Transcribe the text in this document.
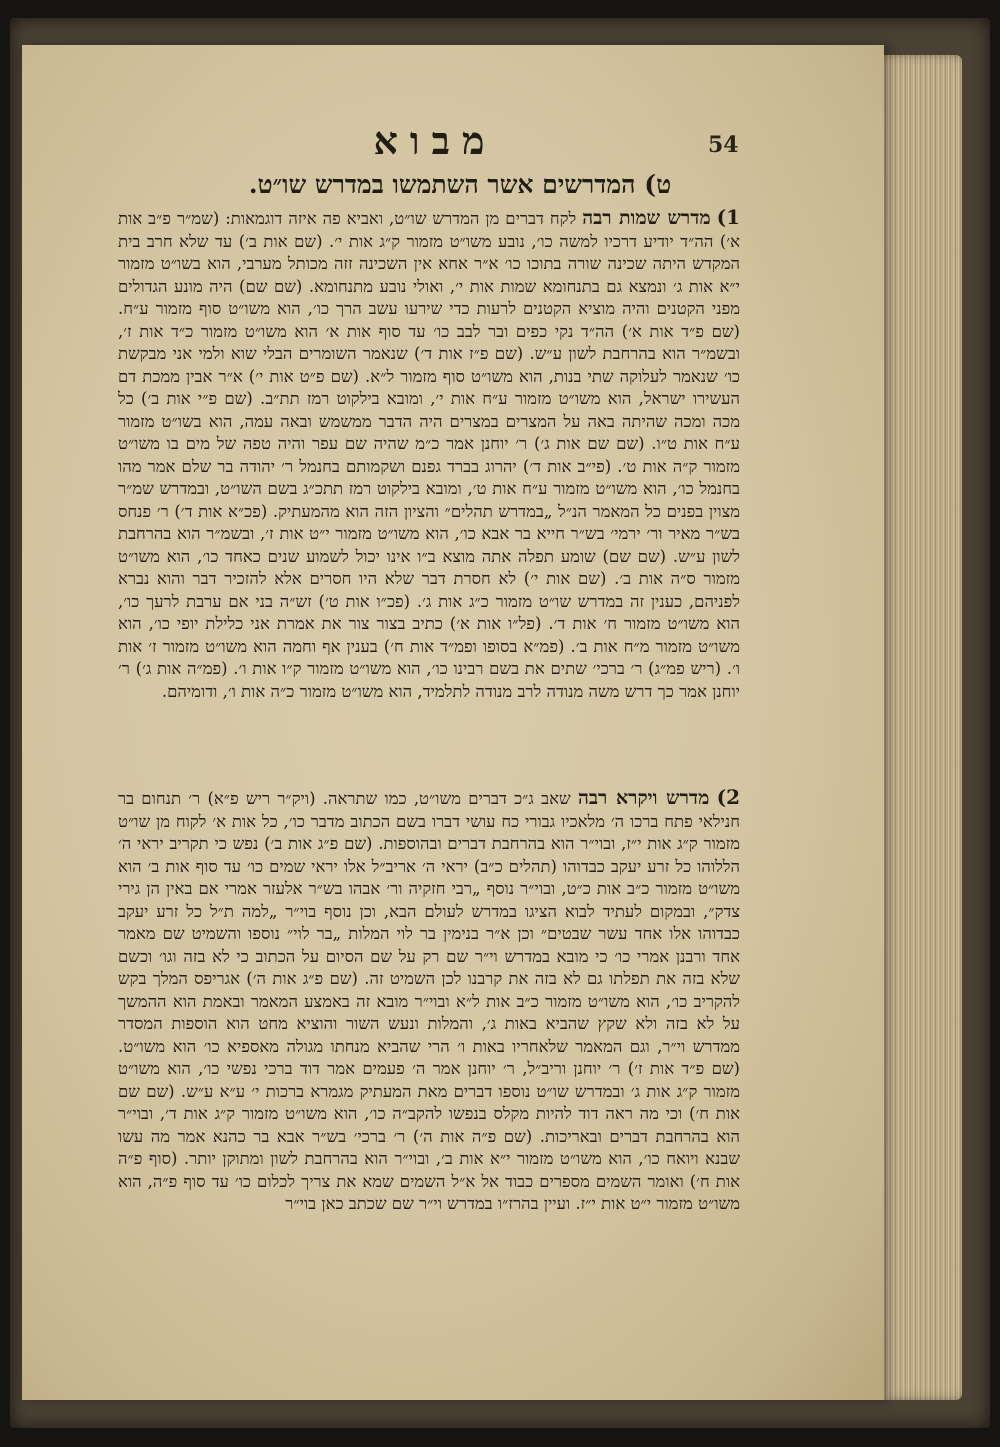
54
מבוא
ט) המדרשים אשר השתמשו במדרש שו״ט.
1) מדרש שמות רבה לקח דברים מן המדרש שו״ט, ואביא פה איזה דוגמאות: (שמ״ר פ״ב אות א׳) הה״ד יודיע דרכיו למשה כו׳, נובע משו״ט מזמור ק״ג אות י׳. (שם אות ב׳) עד שלא חרב בית המקדש היתה שכינה שורה בתוכו כו׳ א״ר אחא אין השכינה זזה מכותל מערבי, הוא בשו״ט מזמור י״א אות ג׳ ונמצא גם בתנחומא שמות אות י׳, ואולי נובע מתנחומא. (שם שם) היה מונע הגדולים מפני הקטנים והיה מוציא הקטנים לרעות כדי שירעו עשב הרך כו׳, הוא משו״ט סוף מזמור ע״ח. (שם פ״ד אות א׳) הה״ד נקי כפים ובר לבב כו׳ עד סוף אות א׳ הוא משו״ט מזמור כ״ד אות ז׳, ובשמ״ר הוא בהרחבת לשון ע״ש. (שם פ״ז אות ד׳) שנאמר השומרים הבלי שוא ולמי אני מבקשת כו׳ שנאמר לעלוקה שתי בנות, הוא משו״ט סוף מזמור ל״א. (שם פ״ט אות י׳) א״ר אבין ממכת דם העשירו ישראל, הוא משו״ט מזמור ע״ח אות י׳, ומובא בילקוט רמז תת״ב. (שם פ״י אות ב׳) כל מכה ומכה שהיתה באה על המצרים במצרים היה הדבר ממשמש ובאה עמה, הוא בשו״ט מזמור ע״ח אות ט״ו. (שם שם אות ג׳) ר׳ יוחנן אמר כ״מ שהיה שם עפר והיה טפה של מים בו משו״ט מזמור ק״ה אות ט׳. (פי״ב אות ד׳) יהרוג בברד גפנם ושקמותם בחנמל ר׳ יהודה בר שלם אמר מהו בחנמל כו׳, הוא משו״ט מזמור ע״ח אות ט׳, ומובא בילקוט רמז תתכ״ג בשם השו״ט, ובמדרש שמ״ר מצוין בפנים כל המאמר הנ״ל „במדרש תהלים״ והציון הזה הוא מהמעתיק. (פכ״א אות ד׳) ר׳ פנחס בש״ר מאיר ור׳ ירמי׳ בש״ר חייא בר אבא כו׳, הוא משו״ט מזמור י״ט אות ז׳, ובשמ״ר הוא בהרחבת לשון ע״ש. (שם שם) שומע תפלה אתה מוצא ב״ו אינו יכול לשמוע שנים כאחד כו׳, הוא משו״ט מזמור ס״ה אות ב׳. (שם אות י׳) לא חסרת דבר שלא היו חסרים אלא להזכיר דבר והוא נברא לפניהם, כענין זה במדרש שו״ט מזמור כ״ג אות ג׳. (פכ״ו אות ט׳) זש״ה בני אם ערבת לרעך כו׳, הוא משו״ט מזמור ח׳ אות ד׳. (פל״ו אות א׳) כתיב בצור צור את אמרת אני כלילת יופי כו׳, הוא משו״ט מזמור מ״ח אות ב׳. (פמ״א בסופו ופמ״ד אות ח׳) בענין אף וחמה הוא משו״ט מזמור ז׳ אות ו׳. (ריש פמ״ג) ר׳ ברכי׳ שתים את בשם רבינו כו׳, הוא משו״ט מזמור ק״ו אות ו׳. (פמ״ה אות ג׳) ר׳ יוחנן אמר כך דרש משה מנודה לרב מנודה לתלמיד, הוא משו״ט מזמור כ״ה אות ו׳, ודומיהם.
2) מדרש ויקרא רבה שאב ג״כ דברים משו״ט, כמו שתראה. (ויק״ר ריש פ״א) ר׳ תנחום בר חנילאי פתח ברכו ה׳ מלאכיו גבורי כח עושי דברו בשם הכתוב מדבר כו׳, כל אות א׳ לקוח מן שו״ט מזמור ק״ג אות י״ז, ובוי״ר הוא בהרחבת דברים ובהוספות. (שם פ״ג אות ב׳) נפש כי תקריב יראי ה׳ הללוהו כל זרע יעקב כבדוהו (תהלים כ״ב) יראי ה׳ אריב״ל אלו יראי שמים כו׳ עד סוף אות ב׳ הוא משו״ט מזמור כ״ב אות כ״ט, ובוי״ר נוסף „רבי חזקיה ור׳ אבהו בש״ר אלעזר אמרי אם באין הן גירי צדק״, ובמקום לעתיד לבוא הציגו במדרש לעולם הבא, וכן נוסף בוי״ר „למה ת״ל כל זרע יעקב כבדוהו אלו אחד עשר שבטים״ וכן א״ר בנימין בר לוי המלות „בר לוי״ נוספו והשמיט שם מאמר אחד ורבנן אמרי כו׳ כי מובא במדרש וי״ר שם רק על שם הסיום על הכתוב כי לא בזה וגו׳ וכשם שלא בזה את תפלתו גם לא בזה את קרבנו לכן השמיט זה. (שם פ״ג אות ה׳) אגריפס המלך בקש להקריב כו׳, הוא משו״ט מזמור כ״ב אות ל״א ובוי״ר מובא זה באמצע המאמר ובאמת הוא ההמשך על לא בזה ולא שקץ שהביא באות ג׳, והמלות ונעש השור והוציא מחט הוא הוספות המסדר ממדרש וי״ר, וגם המאמר שלאחריו באות ו׳ הרי שהביא מנחתו מגולה מאספיא כו׳ הוא משו״ט. (שם פ״ד אות ז׳) ר׳ יוחנן וריב״ל, ר׳ יוחנן אמר ה׳ פעמים אמר דוד ברכי נפשי כו׳, הוא משו״ט מזמור ק״ג אות ג׳ ובמדרש שו״ט נוספו דברים מאת המעתיק מגמרא ברכות י׳ ע״א ע״ש. (שם שם אות ח׳) וכי מה ראה דוד להיות מקלס בנפשו להקב״ה כו׳, הוא משו״ט מזמור ק״ג אות ד׳, ובוי״ר הוא בהרחבת דברים ובאריכות. (שם פ״ה אות ה׳) ר׳ ברכי׳ בש״ר אבא בר כהנא אמר מה עשו שבנא ויואח כו׳, הוא משו״ט מזמור י״א אות ב׳, ובוי״ר הוא בהרחבת לשון ומתוקן יותר. (סוף פ״ה אות ח׳) ואומר השמים מספרים כבוד אל א״ל השמים שמא את צריך לכלום כו׳ עד סוף פ״ה, הוא משו״ט מזמור י״ט אות י״ז. ועיין בהרז״ו במדרש וי״ר שם שכתב כאן בוי״ר
